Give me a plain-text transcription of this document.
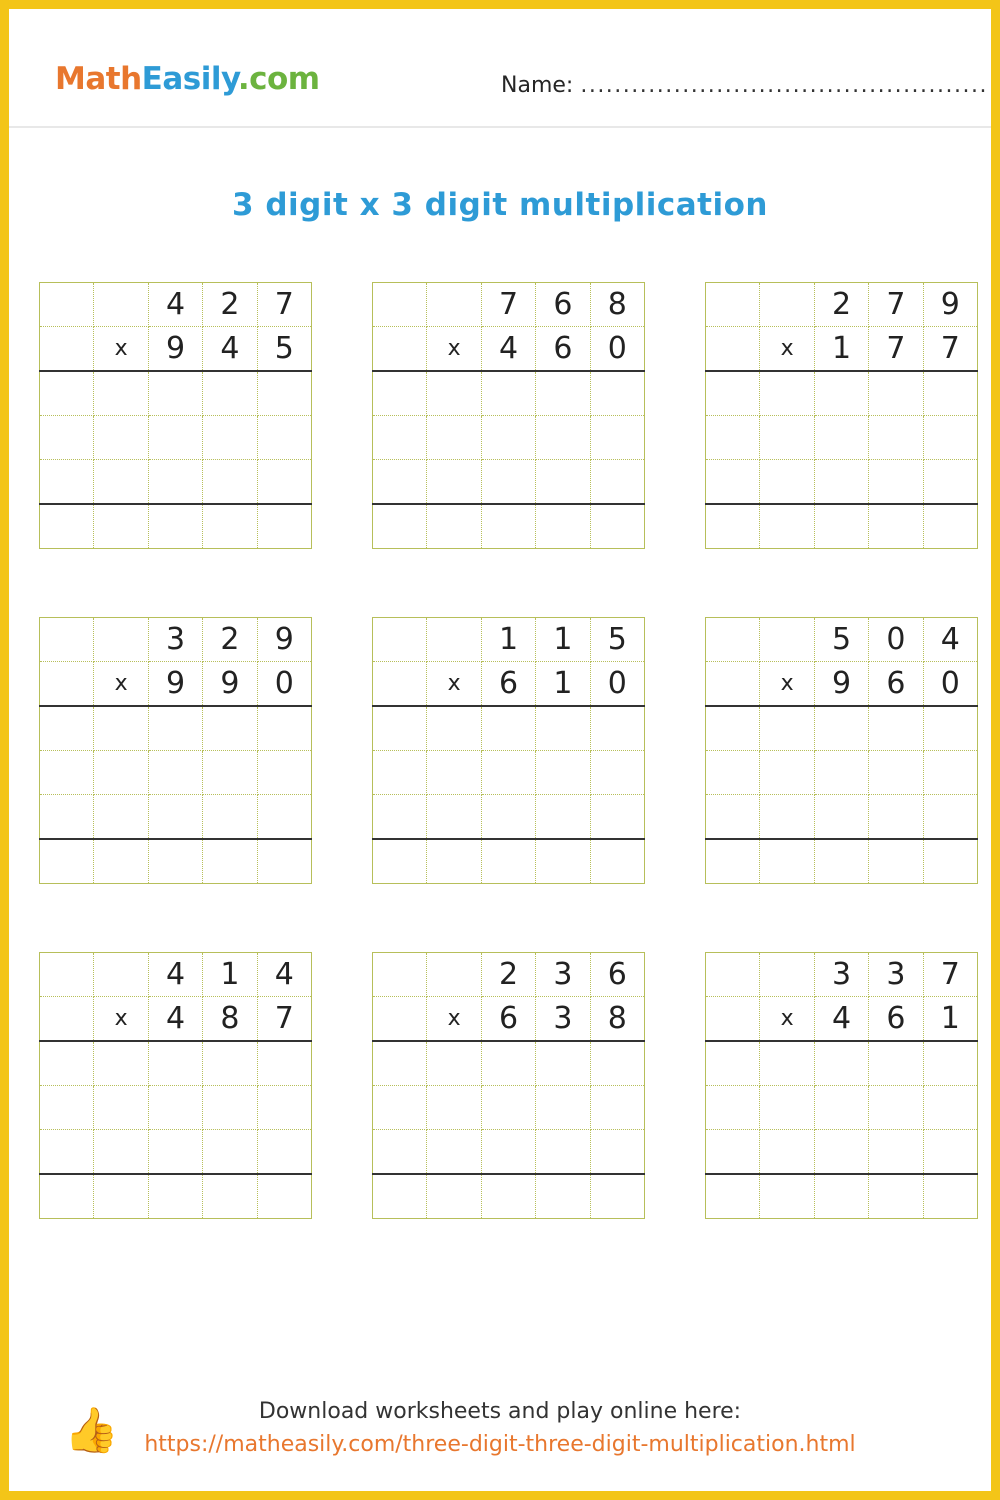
MathEasily.com	Name: ................................................
3 digit x 3 digit multiplication
		4	2	7
	x	9	4	5

		7	6	8
	x	4	6	0

		2	7	9
	x	1	7	7

		3	2	9
	x	9	9	0

		1	1	5
	x	6	1	0

		5	0	4
	x	9	6	0

		4	1	4
	x	4	8	7

		2	3	6
	x	6	3	8

		3	3	7
	x	4	6	1

👍	Download worksheets and play online here:
https://matheasily.com/three-digit-three-digit-multiplication.html
